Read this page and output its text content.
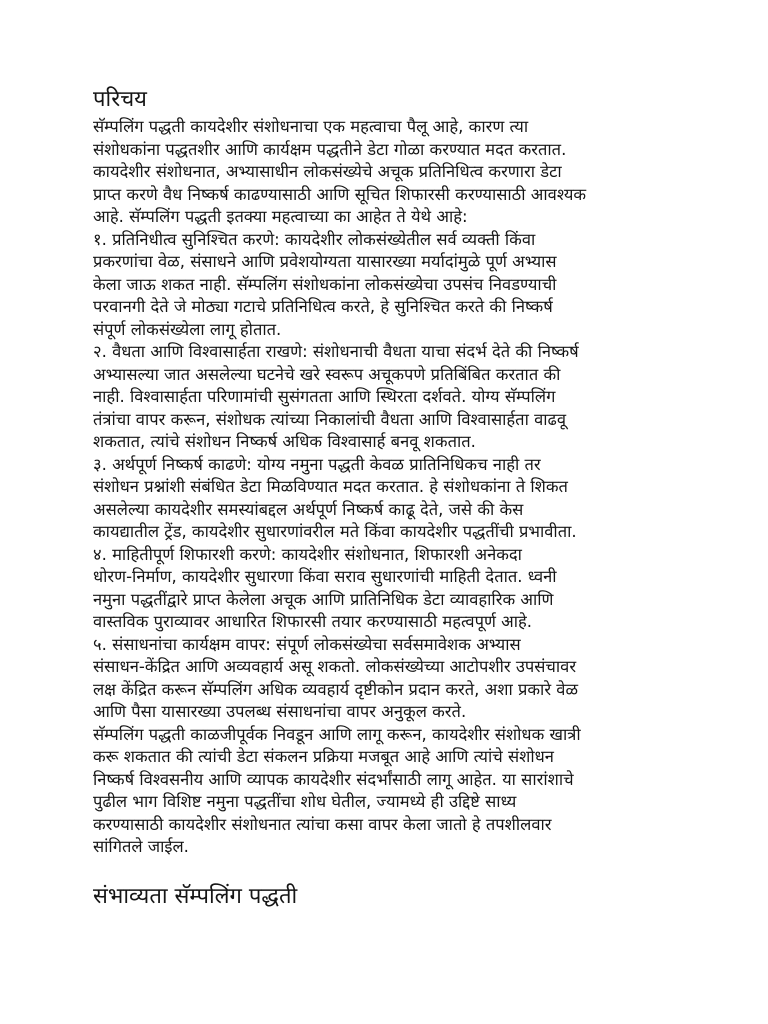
परिचय
सॅम्पलिंग पद्धती कायदेशीर संशोधनाचा एक महत्वाचा पैलू आहे, कारण त्या
संशोधकांना पद्धतशीर आणि कार्यक्षम पद्धतीने डेटा गोळा करण्यात मदत करतात.
कायदेशीर संशोधनात, अभ्यासाधीन लोकसंख्येचे अचूक प्रतिनिधित्व करणारा डेटा
प्राप्त करणे वैध निष्कर्ष काढण्यासाठी आणि सूचित शिफारसी करण्यासाठी आवश्यक
आहे. सॅम्पलिंग पद्धती इतक्या महत्वाच्या का आहेत ते येथे आहे:
१. प्रतिनिधीत्व सुनिश्चित करणे: कायदेशीर लोकसंख्येतील सर्व व्यक्ती किंवा
प्रकरणांचा वेळ, संसाधने आणि प्रवेशयोग्यता यासारख्या मर्यादांमुळे पूर्ण अभ्यास
केला जाऊ शकत नाही. सॅम्पलिंग संशोधकांना लोकसंख्येचा उपसंच निवडण्याची
परवानगी देते जे मोठ्या गटाचे प्रतिनिधित्व करते, हे सुनिश्चित करते की निष्कर्ष
संपूर्ण लोकसंख्येला लागू होतात.
२. वैधता आणि विश्वासार्हता राखणे: संशोधनाची वैधता याचा संदर्भ देते की निष्कर्ष
अभ्यासल्या जात असलेल्या घटनेचे खरे स्वरूप अचूकपणे प्रतिबिंबित करतात की
नाही. विश्वासार्हता परिणामांची सुसंगतता आणि स्थिरता दर्शवते. योग्य सॅम्पलिंग
तंत्रांचा वापर करून, संशोधक त्यांच्या निकालांची वैधता आणि विश्वासार्हता वाढवू
शकतात, त्यांचे संशोधन निष्कर्ष अधिक विश्वासार्ह बनवू शकतात.
३. अर्थपूर्ण निष्कर्ष काढणे: योग्य नमुना पद्धती केवळ प्रातिनिधिकच नाही तर
संशोधन प्रश्नांशी संबंधित डेटा मिळविण्यात मदत करतात. हे संशोधकांना ते शिकत
असलेल्या कायदेशीर समस्यांबद्दल अर्थपूर्ण निष्कर्ष काढू देते, जसे की केस
कायद्यातील ट्रेंड, कायदेशीर सुधारणांवरील मते किंवा कायदेशीर पद्धतींची प्रभावीता.
४. माहितीपूर्ण शिफारशी करणे: कायदेशीर संशोधनात, शिफारशी अनेकदा
धोरण-निर्माण, कायदेशीर सुधारणा किंवा सराव सुधारणांची माहिती देतात. ध्वनी
नमुना पद्धतींद्वारे प्राप्त केलेला अचूक आणि प्रातिनिधिक डेटा व्यावहारिक आणि
वास्तविक पुराव्यावर आधारित शिफारसी तयार करण्यासाठी महत्वपूर्ण आहे.
५. संसाधनांचा कार्यक्षम वापर: संपूर्ण लोकसंख्येचा सर्वसमावेशक अभ्यास
संसाधन-केंद्रित आणि अव्यवहार्य असू शकतो. लोकसंख्येच्या आटोपशीर उपसंचावर
लक्ष केंद्रित करून सॅम्पलिंग अधिक व्यवहार्य दृष्टीकोन प्रदान करते, अशा प्रकारे वेळ
आणि पैसा यासारख्या उपलब्ध संसाधनांचा वापर अनुकूल करते.
सॅम्पलिंग पद्धती काळजीपूर्वक निवडून आणि लागू करून, कायदेशीर संशोधक खात्री
करू शकतात की त्यांची डेटा संकलन प्रक्रिया मजबूत आहे आणि त्यांचे संशोधन
निष्कर्ष विश्वसनीय आणि व्यापक कायदेशीर संदर्भांसाठी लागू आहेत. या सारांशाचे
पुढील भाग विशिष्ट नमुना पद्धतींचा शोध घेतील, ज्यामध्ये ही उद्दिष्टे साध्य
करण्यासाठी कायदेशीर संशोधनात त्यांचा कसा वापर केला जातो हे तपशीलवार
सांगितले जाईल.
संभाव्यता सॅम्पलिंग पद्धती
